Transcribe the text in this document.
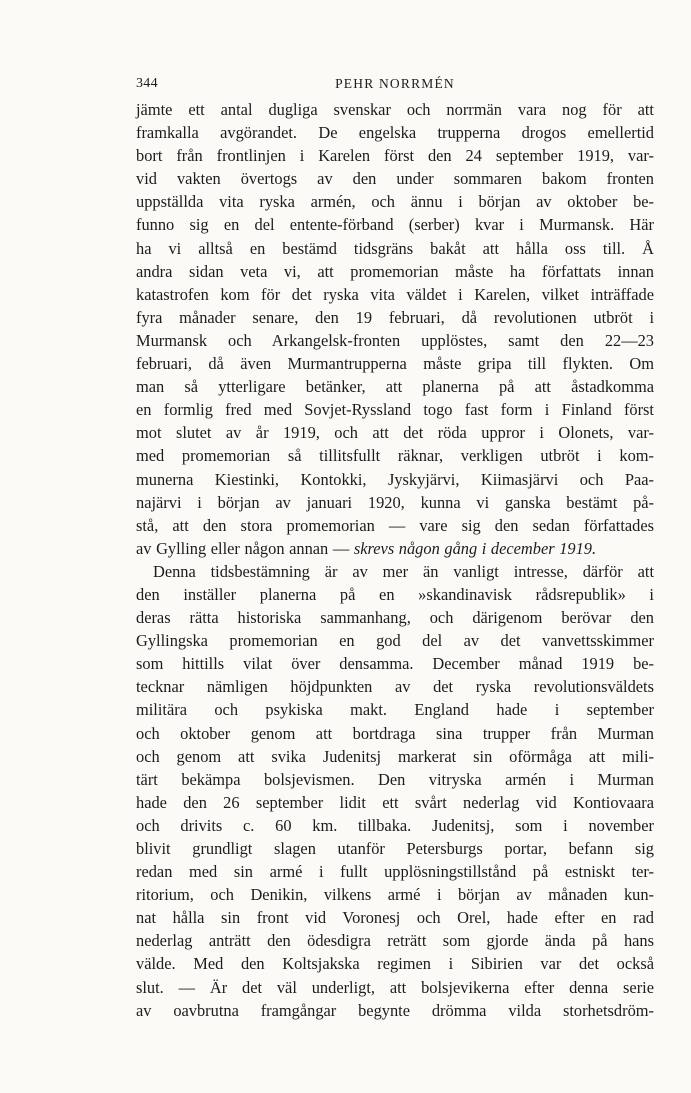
344	PEHR NORRMÉN
jämte ett antal dugliga svenskar och norrmän vara nog för att
framkalla avgörandet. De engelska trupperna drogos emellertid
bort från frontlinjen i Karelen först den 24 september 1919, var-
vid vakten övertogs av den under sommaren bakom fronten
uppställda vita ryska armén, och ännu i början av oktober be-
funno sig en del entente-förband (serber) kvar i Murmansk. Här
ha vi alltså en bestämd tidsgräns bakåt att hålla oss till. Å
andra sidan veta vi, att promemorian måste ha författats innan
katastrofen kom för det ryska vita väldet i Karelen, vilket inträffade
fyra månader senare, den 19 februari, då revolutionen utbröt i
Murmansk och Arkangelsk-fronten upplöstes, samt den 22—23
februari, då även Murmantrupperna måste gripa till flykten. Om
man så ytterligare betänker, att planerna på att åstadkomma
en formlig fred med Sovjet-Ryssland togo fast form i Finland först
mot slutet av år 1919, och att det röda uppror i Olonets, var-
med promemorian så tillitsfullt räknar, verkligen utbröt i kom-
munerna Kiestinki, Kontokki, Jyskyjärvi, Kiimasjärvi och Paa-
najärvi i början av januari 1920, kunna vi ganska bestämt på-
stå, att den stora promemorian — vare sig den sedan författades
av Gylling eller någon annan — skrevs någon gång i december 1919.
Denna tidsbestämning är av mer än vanligt intresse, därför att
den inställer planerna på en »skandinavisk rådsrepublik» i
deras rätta historiska sammanhang, och därigenom berövar den
Gyllingska promemorian en god del av det vanvettsskimmer
som hittills vilat över densamma. December månad 1919 be-
tecknar nämligen höjdpunkten av det ryska revolutionsväldets
militära och psykiska makt. England hade i september
och oktober genom att bortdraga sina trupper från Murman
och genom att svika Judenitsj markerat sin oförmåga att mili-
tärt bekämpa bolsjevismen. Den vitryska armén i Murman
hade den 26 september lidit ett svårt nederlag vid Kontiovaara
och drivits c. 60 km. tillbaka. Judenitsj, som i november
blivit grundligt slagen utanför Petersburgs portar, befann sig
redan med sin armé i fullt upplösningstillstånd på estniskt ter-
ritorium, och Denikin, vilkens armé i början av månaden kun-
nat hålla sin front vid Voronesj och Orel, hade efter en rad
nederlag anträtt den ödesdigra reträtt som gjorde ända på hans
välde. Med den Koltsjakska regimen i Sibirien var det också
slut. — Är det väl underligt, att bolsjevikerna efter denna serie
av oavbrutna framgångar begynte drömma vilda storhetsdröm-
